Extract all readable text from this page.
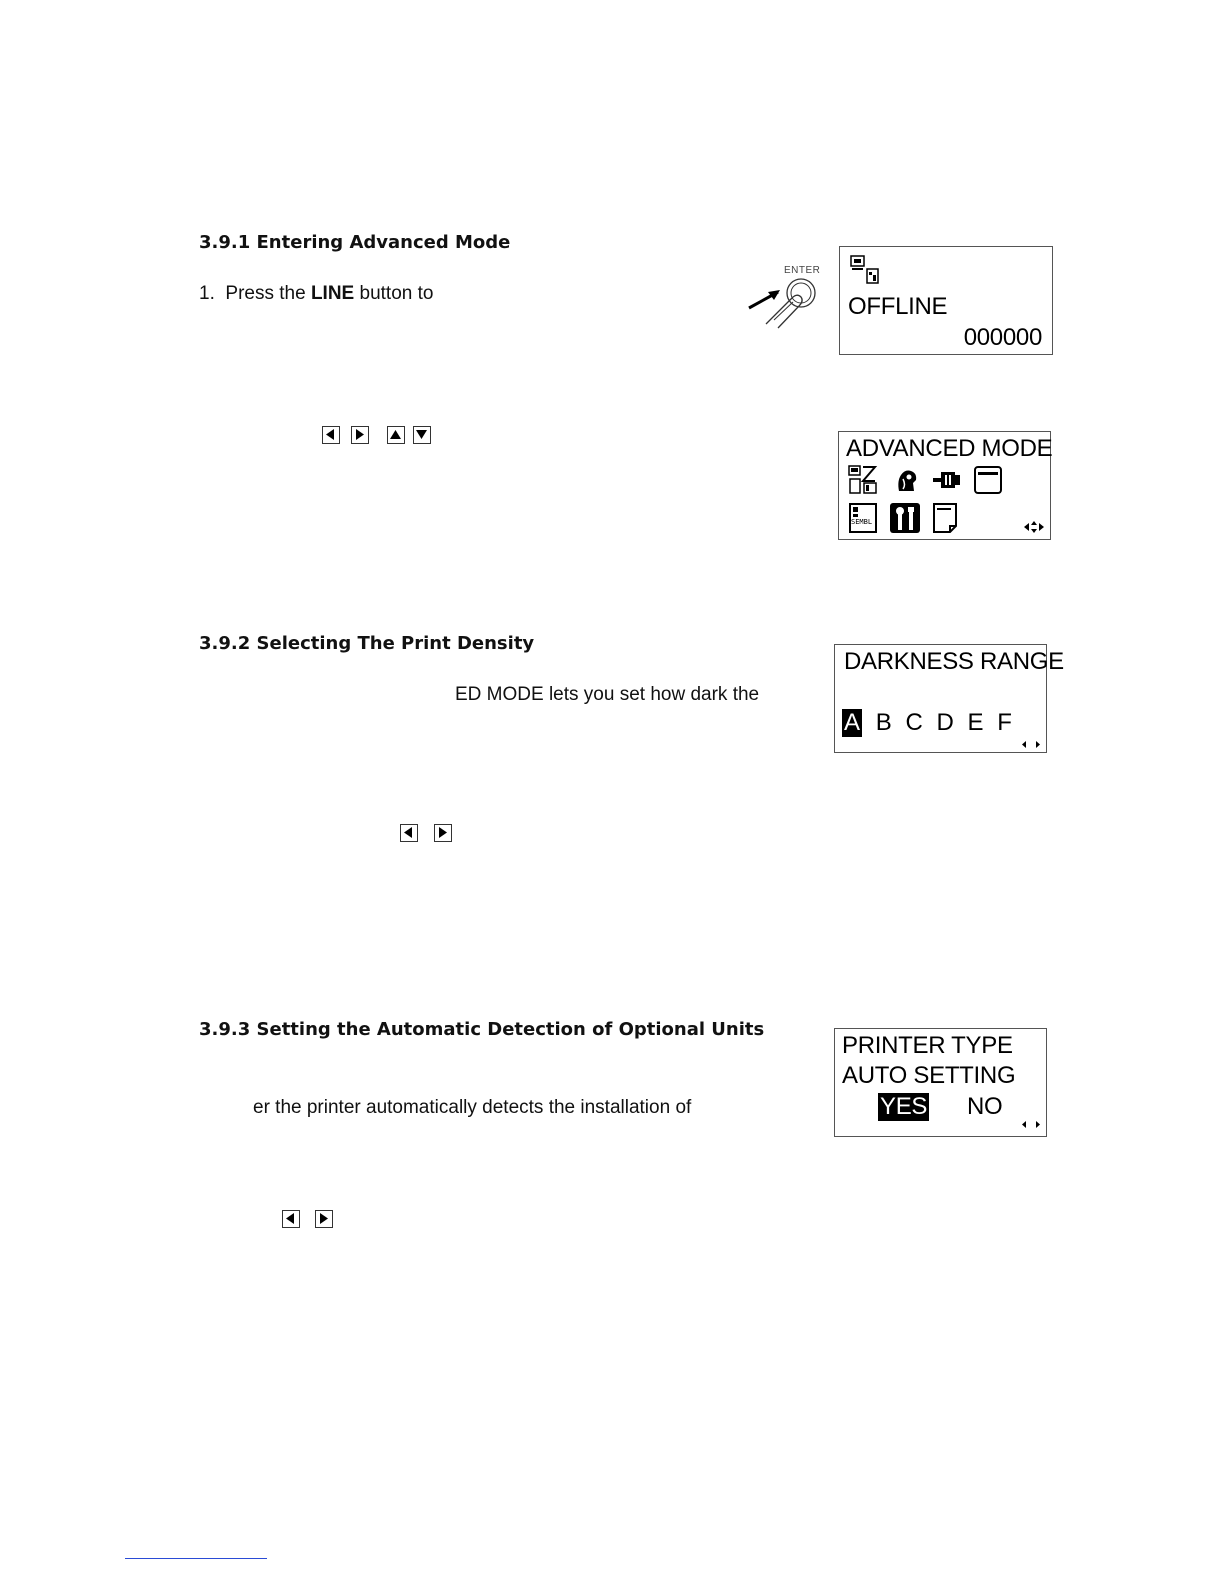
3.9.1 Entering Advanced Mode
1.  Press the LINE button to
ENTER
OFFLINE
000000
ADVANCED MODE
SEMBL
3.9.2 Selecting The Print Density
ED MODE lets you set how dark the
DARKNESS RANGE
A B C D E F
3.9.3 Setting the Automatic Detection of Optional Units
er the printer automatically detects the installation of
PRINTER TYPE
AUTO SETTING
YES NO
